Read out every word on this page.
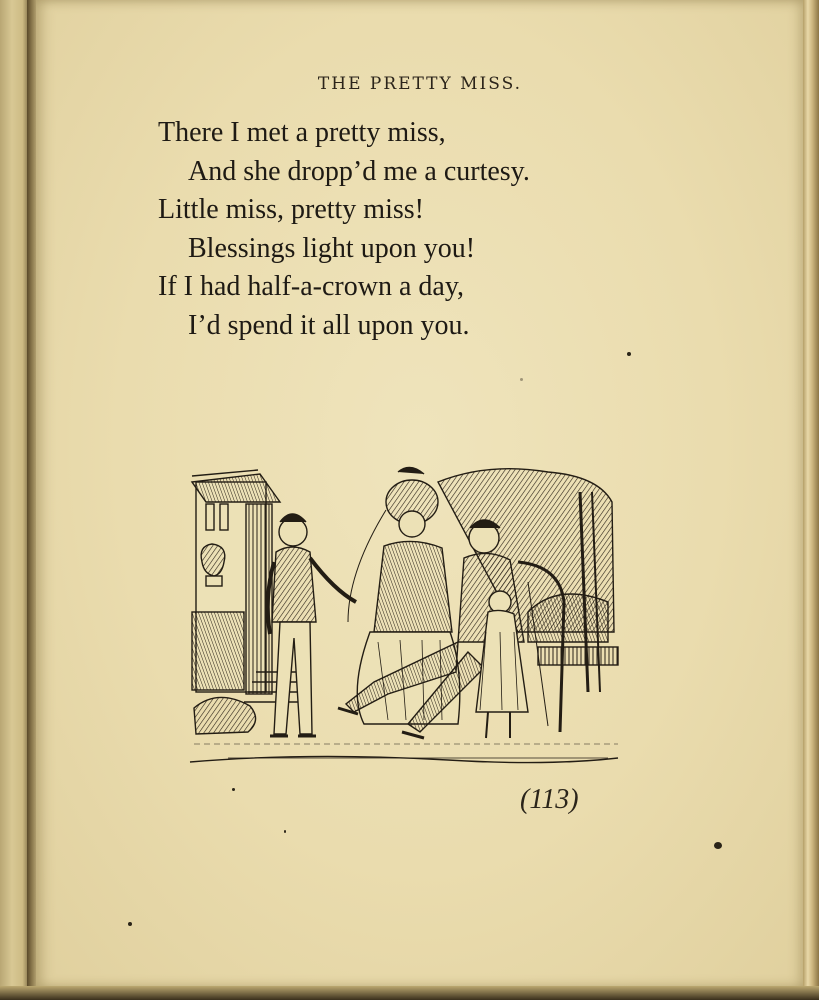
THE PRETTY MISS.
There I met a pretty miss,
And she dropp’d me a curtesy.
Little miss, pretty miss!
Blessings light upon you!
If I had half-a-crown a day,
I’d spend it all upon you.
(113)
